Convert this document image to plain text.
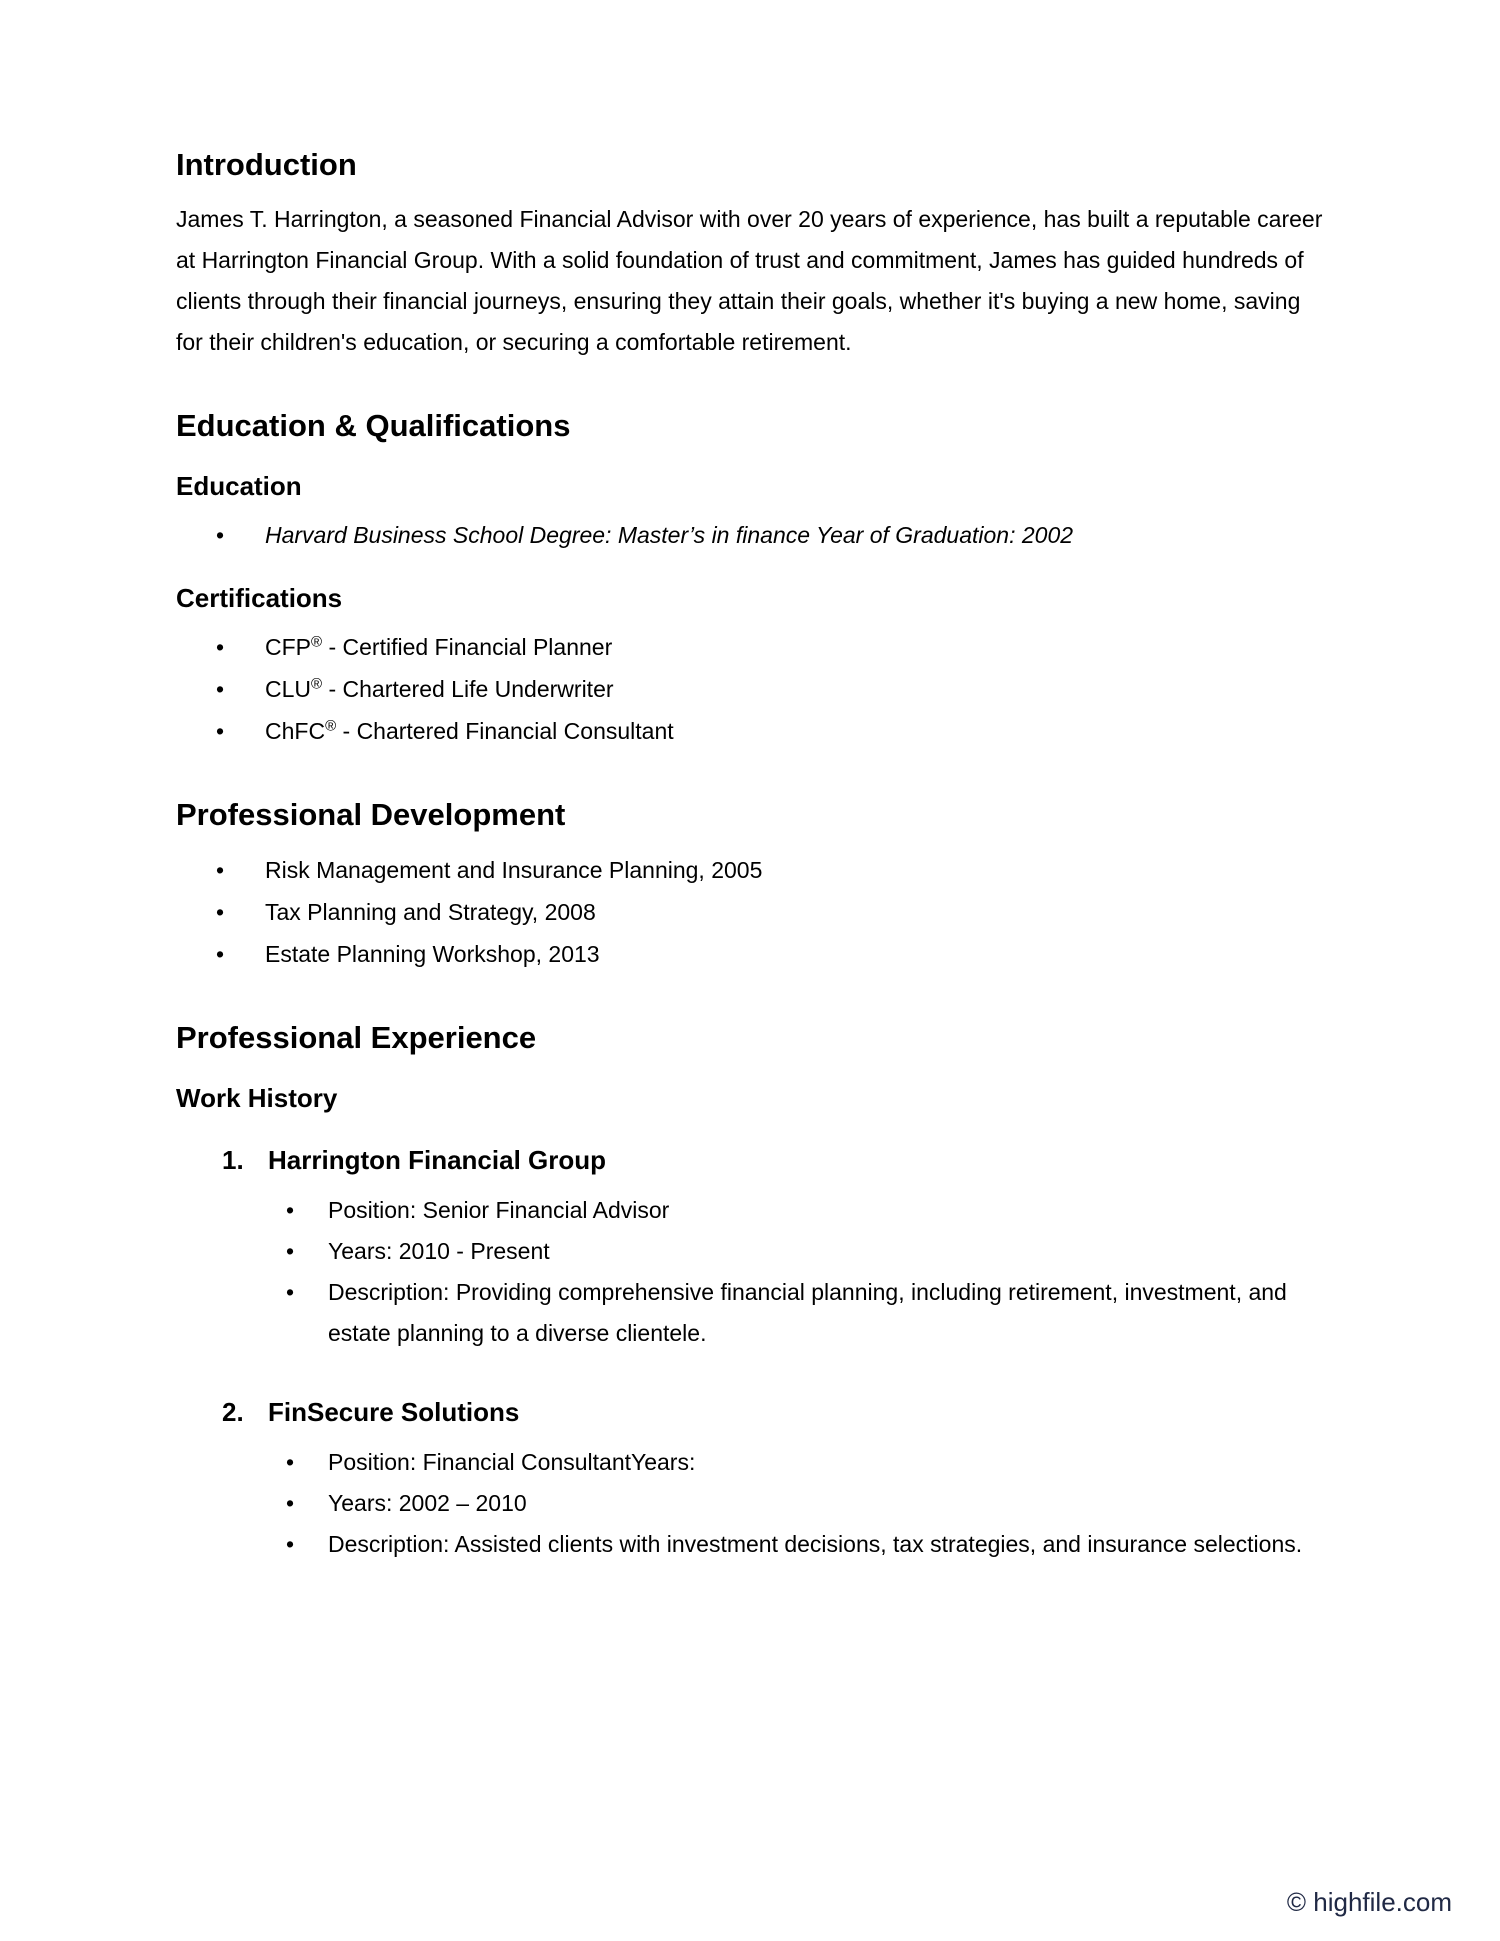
Introduction

James T. Harrington, a seasoned Financial Advisor with over 20 years of experience, has built a reputable career at Harrington Financial Group. With a solid foundation of trust and commitment, James has guided hundreds of clients through their financial journeys, ensuring they attain their goals, whether it's buying a new home, saving for their children's education, or securing a comfortable retirement.

Education & Qualifications
Education
• Harvard Business School Degree: Master’s in finance Year of Graduation: 2002
Certifications
• CFP® - Certified Financial Planner
• CLU® - Chartered Life Underwriter
• ChFC® - Chartered Financial Consultant
Professional Development
• Risk Management and Insurance Planning, 2005
• Tax Planning and Strategy, 2008
• Estate Planning Workshop, 2013
Professional Experience
Work History
1. Harrington Financial Group
• Position: Senior Financial Advisor
• Years: 2010 - Present
• Description: Providing comprehensive financial planning, including retirement, investment, and estate planning to a diverse clientele.
2. FinSecure Solutions
• Position: Financial ConsultantYears:
• Years: 2002 – 2010
• Description: Assisted clients with investment decisions, tax strategies, and insurance selections.
© highfile.com
